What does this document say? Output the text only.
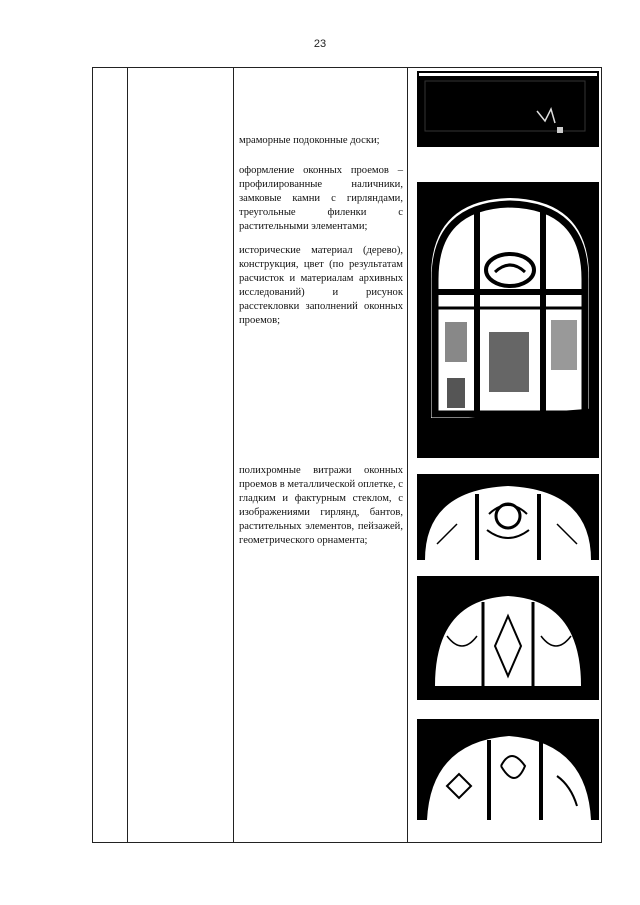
23
мраморные подоконные доски;
оформление оконных проемов – профилированные наличники, замковые камни с гирляндами, треугольные филенки с растительными элементами;
исторические материал (дерево), конструкция, цвет (по результатам расчисток и материалам архивных исследований) и рисунок расстекловки заполнений оконных проемов;
полихромные витражи оконных проемов в металлической оплетке, с гладким и фактурным стеклом, с изображениями гирлянд, бантов, растительных элементов, пейзажей, геометрического орнамента;
